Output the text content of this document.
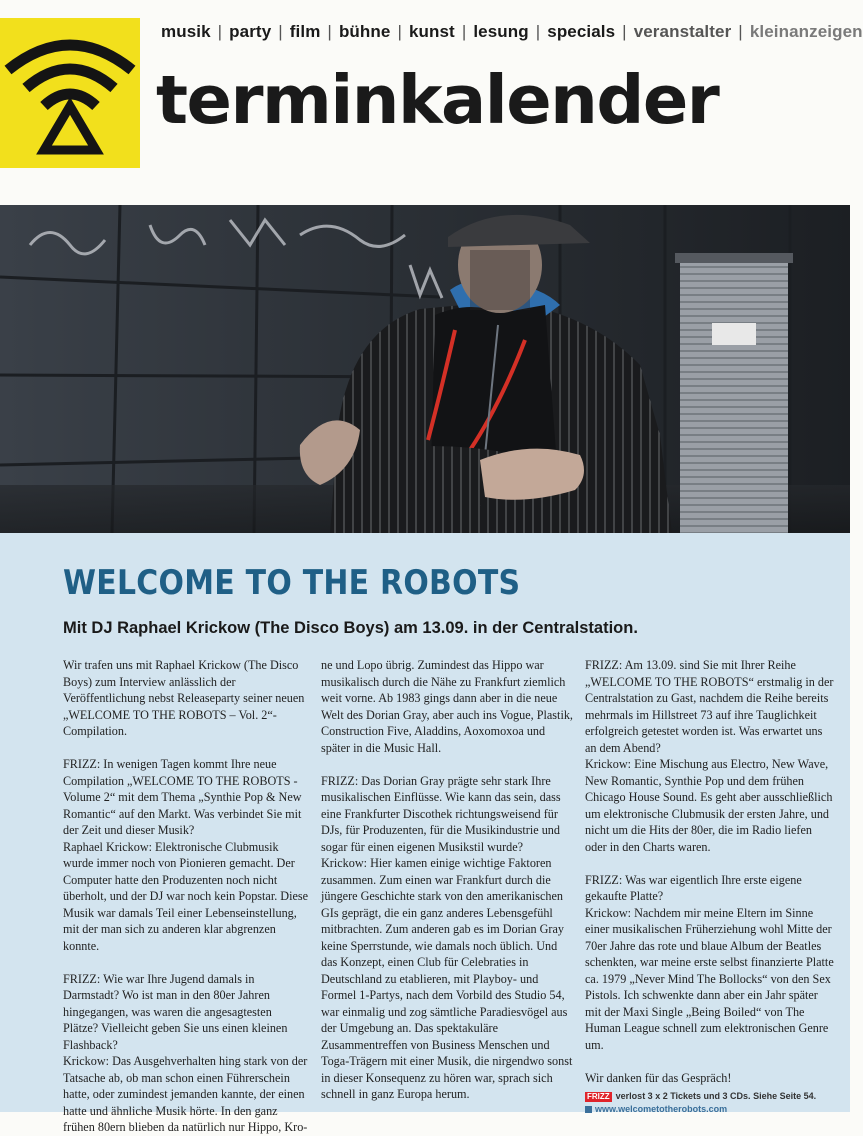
musik | party | film | bühne | kunst | lesung | specials | veranstalter | kleinanzeigen
terminkalender
WELCOME TO THE ROBOTS
Mit DJ Raphael Krickow (The Disco Boys) am 13.09. in der Centralstation.

Wir trafen uns mit Raphael Krickow (The Disco Boys) zum Interview anlässlich der Veröffentlichung nebst Releaseparty seiner neuen „WELCOME TO THE ROBOTS – Vol. 2“-Compilation.

FRIZZ: In wenigen Tagen kommt Ihre neue Compilation „WELCOME TO THE ROBOTS - Volume 2“ mit dem Thema „Synthie Pop & New Romantic“ auf den Markt. Was verbindet Sie mit der Zeit und dieser Musik?

Raphael Krickow: Elektronische Clubmusik wurde immer noch von Pionieren gemacht. Der Computer hatte den Produzenten noch nicht überholt, und der DJ war noch kein Popstar. Diese Musik war damals Teil einer Lebenseinstellung, mit der man sich zu anderen klar abgrenzen konnte.

FRIZZ: Wie war Ihre Jugend damals in Darmstadt? Wo ist man in den 80er Jahren hingegangen, was waren die angesagtesten Plätze? Vielleicht geben Sie uns einen kleinen Flashback?

Krickow: Das Ausgehverhalten hing stark von der Tatsache ab, ob man schon einen Führerschein hatte, oder zumindest jemanden kannte, der einen hatte und ähnliche Musik hörte. In den ganz frühen 80ern blieben da natürlich nur Hippo, Kro-

ne und Lopo übrig. Zumindest das Hippo war musikalisch durch die Nähe zu Frankfurt ziemlich weit vorne. Ab 1983 gings dann aber in die neue Welt des Dorian Gray, aber auch ins Vogue, Plastik, Construction Five, Aladdins, Aoxomoxoa und später in die Music Hall.

FRIZZ: Das Dorian Gray prägte sehr stark Ihre musikalischen Einflüsse. Wie kann das sein, dass eine Frankfurter Discothek richtungsweisend für DJs, für Produzenten, für die Musikindustrie und sogar für einen eigenen Musikstil wurde?

Krickow: Hier kamen einige wichtige Faktoren zusammen. Zum einen war Frankfurt durch die jüngere Geschichte stark von den amerikanischen GIs geprägt, die ein ganz anderes Lebensgefühl mitbrachten. Zum anderen gab es im Dorian Gray keine Sperrstunde, wie damals noch üblich. Und das Konzept, einen Club für Celebraties in Deutschland zu etablieren, mit Playboy- und Formel 1-Partys, nach dem Vorbild des Studio 54, war einmalig und zog sämtliche Paradiesvögel aus der Umgebung an. Das spektakuläre Zusammentreffen von Business Menschen und Toga-Trägern mit einer Musik, die nirgendwo sonst in dieser Konsequenz zu hören war, sprach sich schnell in ganz Europa herum.

FRIZZ: Am 13.09. sind Sie mit Ihrer Reihe „WELCOME TO THE ROBOTS“ erstmalig in der Centralstation zu Gast, nachdem die Reihe bereits mehrmals im Hillstreet 73 auf ihre Tauglichkeit erfolgreich getestet worden ist. Was erwartet uns an dem Abend?

Krickow: Eine Mischung aus Electro, New Wave, New Romantic, Synthie Pop und dem frühen Chicago House Sound. Es geht aber ausschließlich um elektronische Clubmusik der ersten Jahre, und nicht um die Hits der 80er, die im Radio liefen oder in den Charts waren.

FRIZZ: Was war eigentlich Ihre erste eigene gekaufte Platte?

Krickow: Nachdem mir meine Eltern im Sinne einer musikalischen Früherziehung wohl Mitte der 70er Jahre das rote und blaue Album der Beatles schenkten, war meine erste selbst finanzierte Platte ca. 1979 „Never Mind The Bollocks“ von den Sex Pistols. Ich schwenkte dann aber ein Jahr später mit der Maxi Single „Being Boiled“ von The Human League schnell zum elektronischen Genre um.

Wir danken für das Gespräch!

FRIZZ verlost 3 x 2 Tickets und 3 CDs. Siehe Seite 54.
www.welcometotherobots.com
